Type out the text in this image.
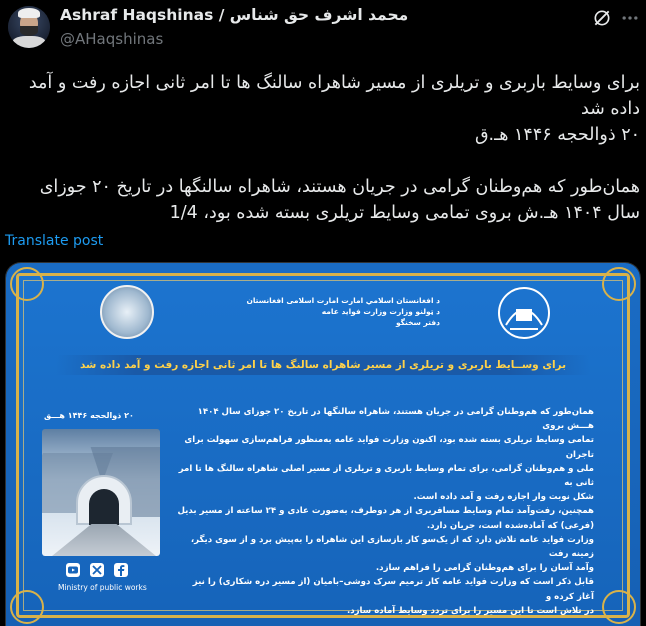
Ashraf Haqshinas / محمد اشرف حق شناس
@AHaqshinas

برای وسایط باربری و تریلری از مسیر شاهراه سالنگ ها تا امر ثانی اجازه رفت و آمد

داده شد

۲۰ ذوالحجه ۱۴۴۶ هـ.ق

همان‌طور که هم‌وطنان گرامی در جریان هستند، شاهراه سالنگها در تاریخ ۲۰ جوزای

سال ۱۴۰۴ هـ.ش بروی تمامی وسایط تریلری بسته شده بود، 1/4

Translate post
د افغانستان اسلامي امارت امارت اسلامی افغانستان
د ټولنو وزارت وزارت فواید عامه
دفتر سخنگو
برای وســایط باربری و تریلری از مسیر شاهراه سالنگ ها تا امر ثانی اجازه رفت و آمد داده شد
۲۰ ذوالحجه ۱۴۴۶ هـــق
Ministry of public works
همان‌طور که هم‌وطنان گرامی در جریان هستند، شاهراه سالنگها در تاریخ ۲۰ جوزای سال ۱۴۰۴ هـــش بروی
تمامی وسایط تریلری بسته شده بود، اکنون وزارت فواید عامه به‌منظور فراهم‌سازی سهولت برای تاجران
ملی و هم‌وطنان گرامی، برای تمام وسایط باربری و تریلری از مسیر اصلی شاهراه سالنگ ها تا امر ثانی به
شکل نوبت وار اجازه رفت و آمد داده است.
همچنین، رفت‌وآمد تمام وسایط مسافربری از هر دوطرف، به‌صورت عادی و ۲۴ ساعته از مسیر بدیل
(فرعی) که آماده‌شده است، جریان دارد.
وزارت فواید عامه تلاش دارد که از یک‌سو کار بازسازی این شاهراه را به‌پیش برد و از سوی دیگر، زمینه رفت
وآمد آسان را برای هم‌وطنان گرامی را فراهم سازد.
قابل ذکر است که وزارت فواید عامه کار ترمیم سرک دوشی–بامیان (از مسیر دره شکاری) را نیز آغاز کرده و
در تلاش است تا این مسیر را برای تردد وسایط آماده سازد.
